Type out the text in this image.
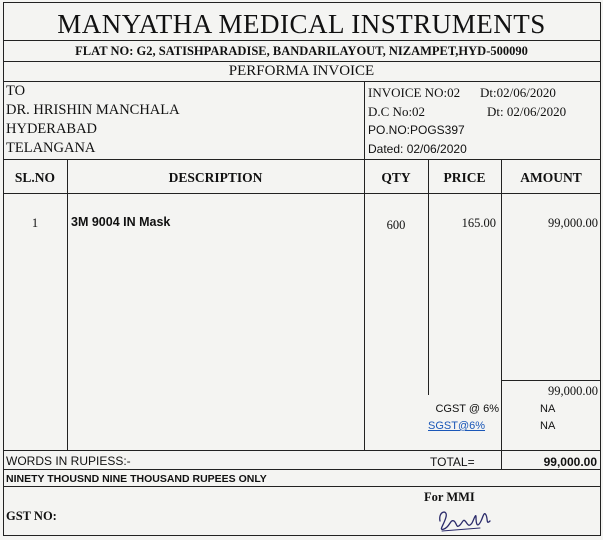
MANYATHA MEDICAL INSTRUMENTS
FLAT NO: G2, SATISHPARADISE, BANDARILAYOUT, NIZAMPET,HYD-500090
PERFORMA INVOICE
TO
DR. HRISHIN MANCHALA
HYDERABAD
TELANGANA
INVOICE NO:02 Dt:02/06/2020
D.C No:02	Dt: 02/06/2020
PO.NO:POGS397
Dated: 02/06/2020
SL.NO	DESCRIPTION	QTY	PRICE	AMOUNT
1	3M 9004 IN Mask	600	165.00	99,000.00
99,000.00
CGST @ 6%	NA
SGST@6%	NA
WORDS IN RUPIESS:-	TOTAL=	99,000.00
NINETY THOUSND NINE THOUSAND RUPEES ONLY
For MMI
GST NO:
